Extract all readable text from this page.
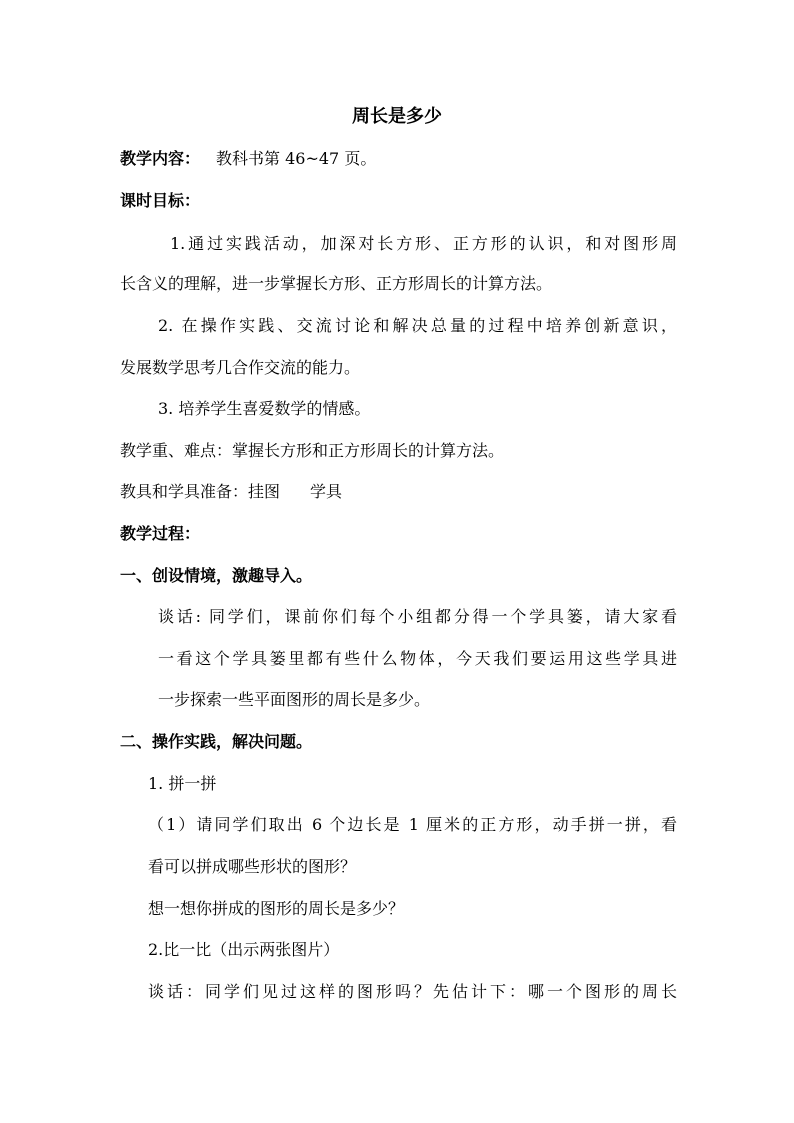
周长是多少
教学内容： 教科书第 46~47 页。
课时目标：
1.通过实践活动，加深对长方形、正方形的认识，和对图形周
长含义的理解，进一步掌握长方形、正方形周长的计算方法。
2. 在操作实践、交流讨论和解决总量的过程中培养创新意识，
发展数学思考几合作交流的能力。
3. 培养学生喜爱数学的情感。
教学重、难点：掌握长方形和正方形周长的计算方法。
教具和学具准备：挂图 学具
教学过程：
一、创设情境，激趣导入。
谈话: 同学们，课前你们每个小组都分得一个学具篓，请大家看
一看这个学具篓里都有些什么物体，今天我们要运用这些学具进
一步探索一些平面图形的周长是多少。
二、操作实践，解决问题。
1. 拼一拼
（1）请同学们取出 6 个边长是 1 厘米的正方形，动手拼一拼，看
看可以拼成哪些形状的图形？
想一想你拼成的图形的周长是多少？
2.比一比（出示两张图片）
谈话：同学们见过这样的图形吗？先估计下：哪一个图形的周长
